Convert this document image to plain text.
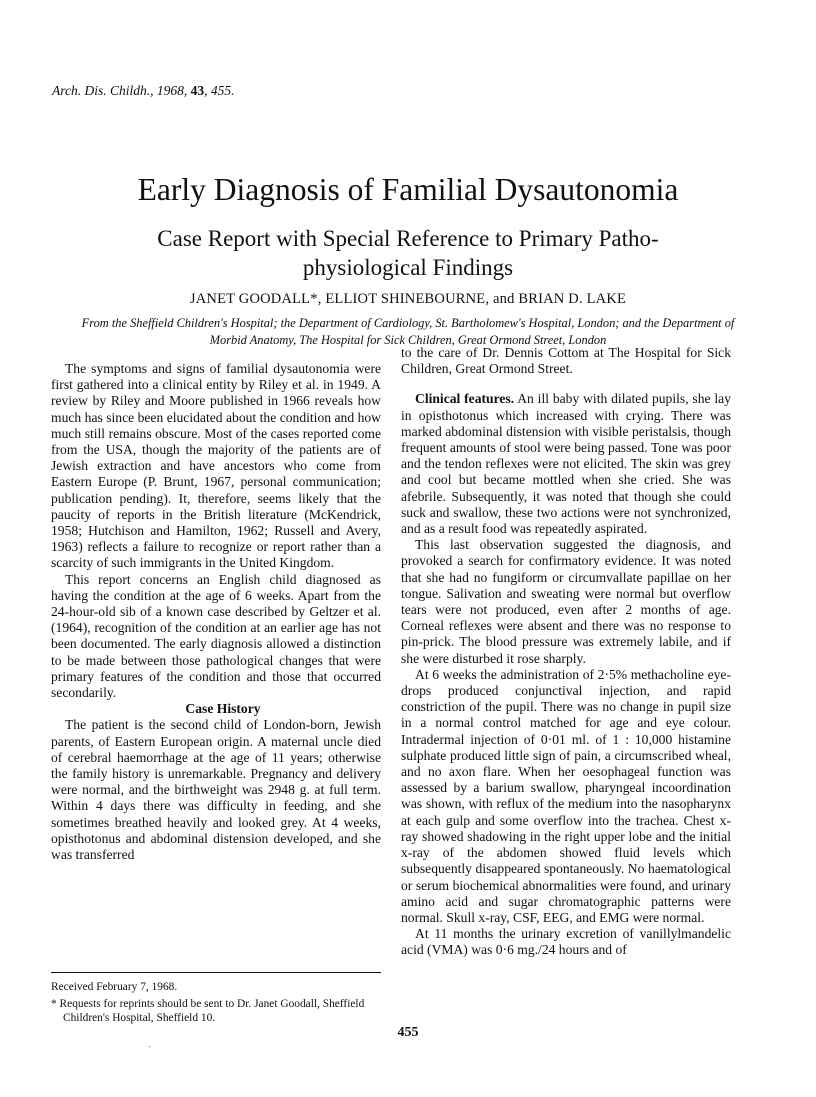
Arch. Dis. Childh., 1968, 43, 455.
Early Diagnosis of Familial Dysautonomia
Case Report with Special Reference to Primary Patho-physiological Findings
JANET GOODALL*, ELLIOT SHINEBOURNE, and BRIAN D. LAKE
From the Sheffield Children's Hospital; the Department of Cardiology, St. Bartholomew's Hospital, London; and the Department of Morbid Anatomy, The Hospital for Sick Children, Great Ormond Street, London

The symptoms and signs of familial dysautonomia were first gathered into a clinical entity by Riley et al. in 1949. A review by Riley and Moore published in 1966 reveals how much has since been elucidated about the condition and how much still remains obscure. Most of the cases reported come from the USA, though the majority of the patients are of Jewish extraction and have ancestors who come from Eastern Europe (P. Brunt, 1967, personal communication; publication pending). It, therefore, seems likely that the paucity of reports in the British literature (McKendrick, 1958; Hutchison and Hamilton, 1962; Russell and Avery, 1963) reflects a failure to recognize or report rather than a scarcity of such immigrants in the United Kingdom.

This report concerns an English child diagnosed as having the condition at the age of 6 weeks. Apart from the 24-hour-old sib of a known case described by Geltzer et al. (1964), recognition of the condition at an earlier age has not been documented. The early diagnosis allowed a distinction to be made between those pathological changes that were primary features of the condition and those that occurred secondarily.

Case History

The patient is the second child of London-born, Jewish parents, of Eastern European origin. A maternal uncle died of cerebral haemorrhage at the age of 11 years; otherwise the family history is unremarkable. Pregnancy and delivery were normal, and the birthweight was 2948 g. at full term. Within 4 days there was difficulty in feeding, and she sometimes breathed heavily and looked grey. At 4 weeks, opisthotonus and abdominal distension developed, and she was transferred

to the care of Dr. Dennis Cottom at The Hospital for Sick Children, Great Ormond Street.

Clinical features. An ill baby with dilated pupils, she lay in opisthotonus which increased with crying. There was marked abdominal distension with visible peristalsis, though frequent amounts of stool were being passed. Tone was poor and the tendon reflexes were not elicited. The skin was grey and cool but became mottled when she cried. She was afebrile. Subsequently, it was noted that though she could suck and swallow, these two actions were not synchronized, and as a result food was repeatedly aspirated.

This last observation suggested the diagnosis, and provoked a search for confirmatory evidence. It was noted that she had no fungiform or circumvallate papillae on her tongue. Salivation and sweating were normal but overflow tears were not produced, even after 2 months of age. Corneal reflexes were absent and there was no response to pin-prick. The blood pressure was extremely labile, and if she were disturbed it rose sharply.

At 6 weeks the administration of 2·5% methacholine eye-drops produced conjunctival injection, and rapid constriction of the pupil. There was no change in pupil size in a normal control matched for age and eye colour. Intradermal injection of 0·01 ml. of 1 : 10,000 histamine sulphate produced little sign of pain, a circumscribed wheal, and no axon flare. When her oesophageal function was assessed by a barium swallow, pharyngeal incoordination was shown, with reflux of the medium into the nasopharynx at each gulp and some overflow into the trachea. Chest x-ray showed shadowing in the right upper lobe and the initial x-ray of the abdomen showed fluid levels which subsequently disappeared spontaneously. No haematological or serum biochemical abnormalities were found, and urinary amino acid and sugar chromatographic patterns were normal. Skull x-ray, CSF, EEG, and EMG were normal.

At 11 months the urinary excretion of vanillylmandelic acid (VMA) was 0·6 mg./24 hours and of

Received February 7, 1968.

* Requests for reprints should be sent to Dr. Janet Goodall, Sheffield Children's Hospital, Sheffield 10.

455
ˏ
